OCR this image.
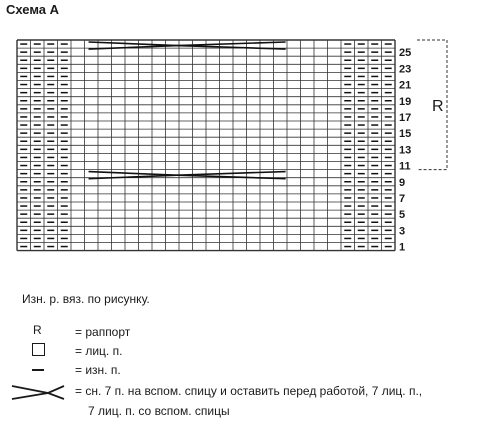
Схема А
1
3
5
7
9
11
13
15
17
19
21
23
25
R
Изн. р. вяз. по рисунку.
R	= раппорт
= лиц. п.
= изн. п.
= сн. 7 п. на вспом. спицу и оставить перед работой, 7 лиц. п.,
7 лиц. п. со вспом. спицы
